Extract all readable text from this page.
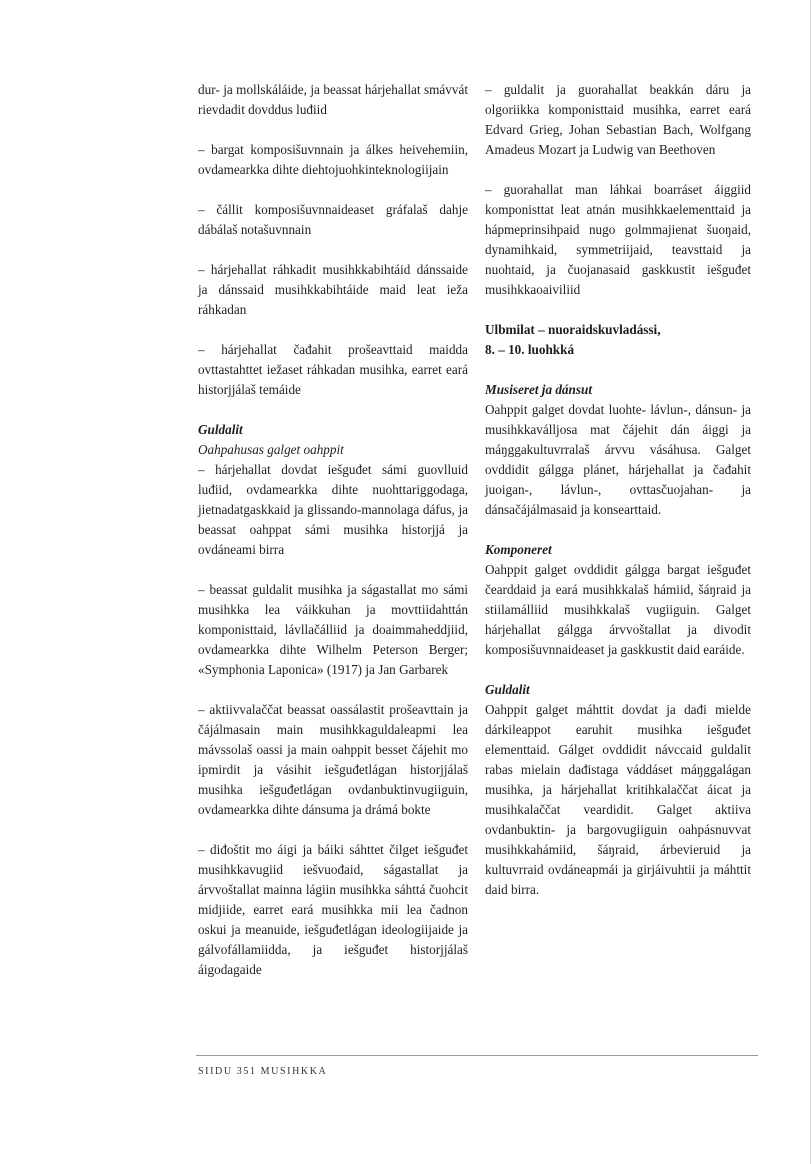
dur- ja mollskáláide, ja beassat hárjehallat smávvát rievdadit dovddus luđiid

– bargat komposišuvnnain ja álkes heivehemiin, ovdamearkka dihte diehtojuohkinteknologiijain

– čállit komposišuvnnaideaset gráfalaš dahje dábálaš notašuvnnain

– hárjehallat ráhkadit musihkkabihtáid dánssaide ja dánssaid musihkkabihtáide maid leat ieža ráhkadan

– hárjehallat čađahit prošeavttaid maidda ovttastahttet iežaset ráhkadan musihka, earret eará historjjálaš temáide

Guldalit

Oahpahusas galget oahppit

– hárjehallat dovdat iešguđet sámi guovlluid luđiid, ovdamearkka dihte nuohttariggodaga, jietnadatgaskkaid ja glissando-mannolaga dáfus, ja beassat oahppat sámi musihka historjjá ja ovdáneami birra

– beassat guldalit musihka ja ságastallat mo sámi musihkka lea váikkuhan ja movttiidahttán komponisttaid, lávllačálliid ja doaimmaheddjiid, ovdamearkka dihte Wilhelm Peterson Berger; «Symphonia Laponica» (1917) ja Jan Garbarek

– aktiivvalaččat beassat oassálastit prošeavttain ja čájálmasain main musihkkaguldaleapmi lea mávssolaš oassi ja main oahppit besset čájehit mo ipmirdit ja vásihit iešguđetlágan historjjálaš musihka iešguđetlágan ovdanbuktinvugiiguin, ovdamearkka dihte dánsuma ja drámá bokte

– diđoštit mo áigi ja báiki sáhttet čilget iešguđet musihkkavugiid iešvuođaid, ságastallat ja árvvoštallat mainna lágiin musihkka sáhttá čuohcit midjiide, earret eará musihkka mii lea čadnon oskui ja meanuide, iešguđetlágan ideologiijaide ja gálvofállamiidda, ja iešguđet historjjálaš áigodagaide

– guldalit ja guorahallat beakkán dáru ja olgoriikka komponisttaid musihka, earret eará Edvard Grieg, Johan Sebastian Bach, Wolfgang Amadeus Mozart ja Ludwig van Beethoven

– guorahallat man láhkai boarráset áiggiid komponisttat leat atnán musihkkaelementtaid ja hápmeprinsihpaid nugo golmmajienat šuoŋaid, dynamihkaid, symmetriijaid, teavsttaid ja nuohtaid, ja čuojanasaid gaskkustit iešguđet musihkkaoaiviliid

Ulbmilat – nuoraidskuvladássi,

8. – 10. luohkká

Musiseret ja dánsut

Oahppit galget dovdat luohte- lávlun-, dánsun- ja musihkkaválljosa mat čájehit dán áiggi ja máŋggakultuvrralaš árvvu vásáhusa. Galget ovddidit gálgga plánet, hárjehallat ja čađahit juoigan-, lávlun-, ovttasčuojahan- ja dánsačájálmasaid ja konsearttaid.

Komponeret

Oahppit galget ovddidit gálgga bargat iešguđet čearddaid ja eará musihkkalaš hámiid, šáŋraid ja stiilamálliid musihkkalaš vugiiguin. Galget hárjehallat gálgga árvvoštallat ja divodit komposišuvnnaideaset ja gaskkustit daid earáide.

Guldalit

Oahppit galget máhttit dovdat ja dađi mielde dárkileappot earuhit musihka iešguđet elementtaid. Gálget ovddidit návccaid guldalit rabas mielain dađistaga váddáset máŋggalágan musihka, ja hárjehallat kritihkalaččat áicat ja musihkalaččat veardidit. Galget aktiiva ovdanbuktin- ja bargovugiiguin oahpásnuvvat musihkkahámiid, šáŋraid, árbevieruid ja kultuvrraid ovdáneapmái ja girjáivuhtii ja máhttit daid birra.

SIIDU 351 MUSIHKKA
